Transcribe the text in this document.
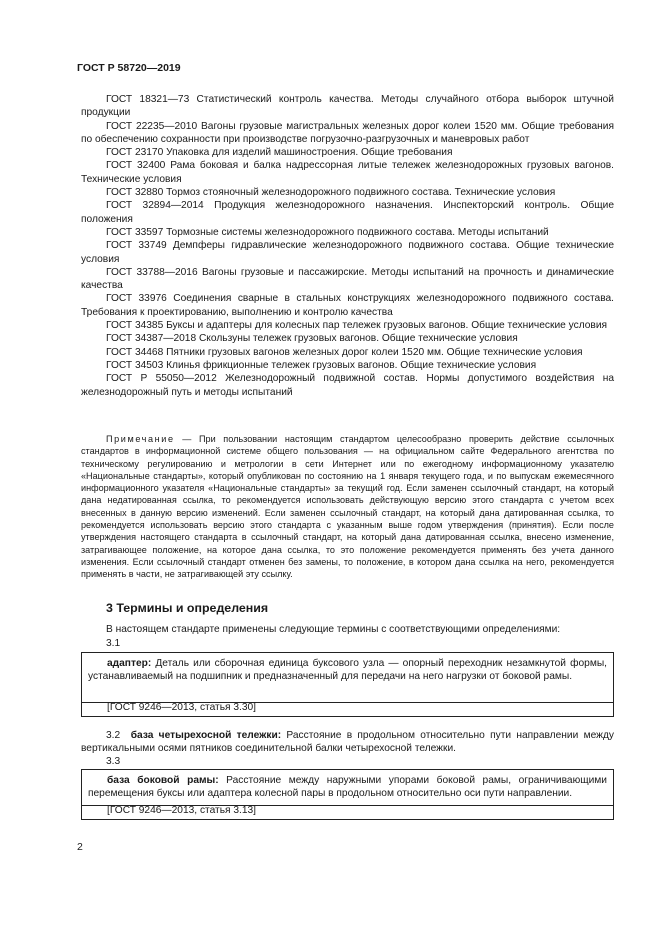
ГОСТ Р 58720—2019

ГОСТ 18321—73 Статистический контроль качества. Методы случайного отбора выборок штучной продукции

ГОСТ 22235—2010 Вагоны грузовые магистральных железных дорог колеи 1520 мм. Общие требования по обеспечению сохранности при производстве погрузочно-разгрузочных и маневровых работ

ГОСТ 23170 Упаковка для изделий машиностроения. Общие требования

ГОСТ 32400 Рама боковая и балка надрессорная литые тележек железнодорожных грузовых вагонов. Технические условия

ГОСТ 32880 Тормоз стояночный железнодорожного подвижного состава. Технические условия

ГОСТ 32894—2014 Продукция железнодорожного назначения. Инспекторский контроль. Общие положения

ГОСТ 33597 Тормозные системы железнодорожного подвижного состава. Методы испытаний

ГОСТ 33749 Демпферы гидравлические железнодорожного подвижного состава. Общие технические условия

ГОСТ 33788—2016 Вагоны грузовые и пассажирские. Методы испытаний на прочность и динамические качества

ГОСТ 33976 Соединения сварные в стальных конструкциях железнодорожного подвижного состава. Требования к проектированию, выполнению и контролю качества

ГОСТ 34385 Буксы и адаптеры для колесных пар тележек грузовых вагонов. Общие технические условия

ГОСТ 34387—2018 Скользуны тележек грузовых вагонов. Общие технические условия

ГОСТ 34468 Пятники грузовых вагонов железных дорог колеи 1520 мм. Общие технические условия

ГОСТ 34503 Клинья фрикционные тележек грузовых вагонов. Общие технические условия

ГОСТ Р 55050—2012 Железнодорожный подвижной состав. Нормы допустимого воздействия на железнодорожный путь и методы испытаний

Примечание — При пользовании настоящим стандартом целесообразно проверить действие ссылочных стандартов в информационной системе общего пользования — на официальном сайте Федерального агентства по техническому регулированию и метрологии в сети Интернет или по ежегодному информационному указателю «Национальные стандарты», который опубликован по состоянию на 1 января текущего года, и по выпускам ежемесячного информационного указателя «Национальные стандарты» за текущий год. Если заменен ссылочный стандарт, на который дана недатированная ссылка, то рекомендуется использовать действующую версию этого стандарта с учетом всех внесенных в данную версию изменений. Если заменен ссылочный стандарт, на который дана датированная ссылка, то рекомендуется использовать версию этого стандарта с указанным выше годом утверждения (принятия). Если после утверждения настоящего стандарта в ссылочный стандарт, на который дана датированная ссылка, внесено изменение, затрагивающее положение, на которое дана ссылка, то это положение рекомендуется применять без учета данного изменения. Если ссылочный стандарт отменен без замены, то положение, в котором дана ссылка на него, рекомендуется применять в части, не затрагивающей эту ссылку.

3 Термины и определения

В настоящем стандарте применены следующие термины с соответствующими определениями:

3.1

адаптер: Деталь или сборочная единица буксового узла — опорный переходник незамкнутой формы, устанавливаемый на подшипник и предназначенный для передачи на него нагрузки от боковой рамы.

[ГОСТ 9246—2013, статья 3.30]

3.2 база четырехосной тележки: Расстояние в продольном относительно пути направлении между вертикальными осями пятников соединительной балки четырехосной тележки.

3.3

база боковой рамы: Расстояние между наружными упорами боковой рамы, ограничивающими перемещения буксы или адаптера колесной пары в продольном относительно оси пути направлении.

[ГОСТ 9246—2013, статья 3.13]

2
